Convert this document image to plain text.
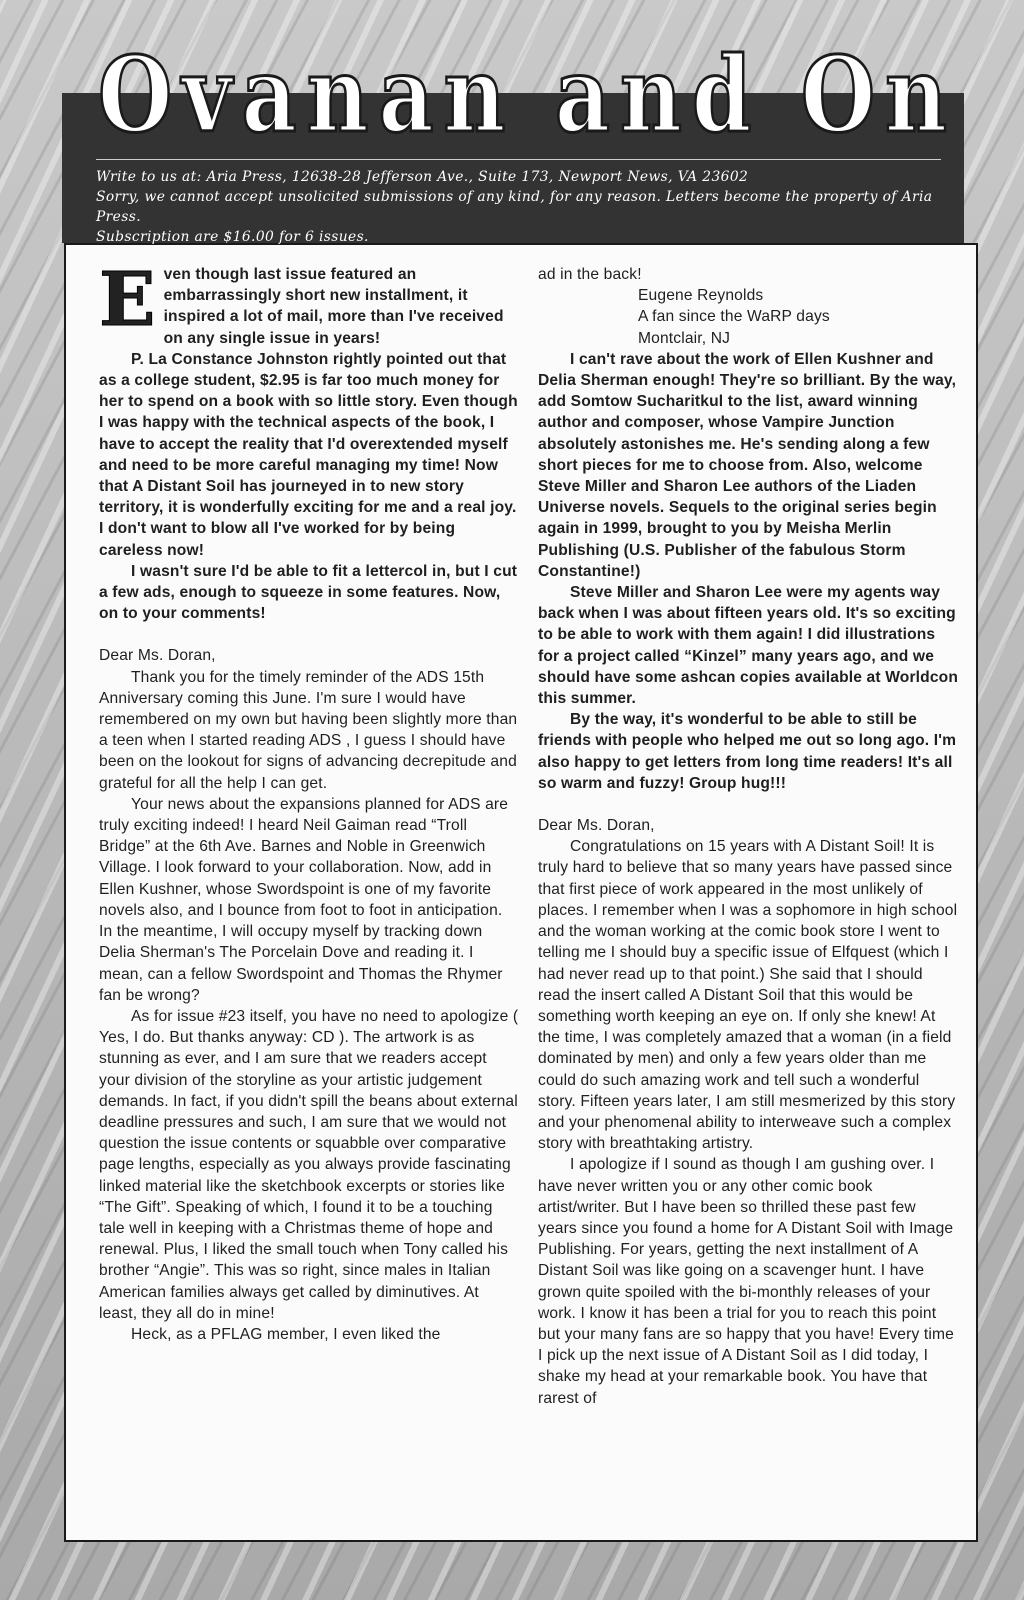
Ovanan and On
Write to us at: Aria Press, 12638-28 Jefferson Ave., Suite 173, Newport News, VA 23602
Sorry, we cannot accept unsolicited submissions of any kind, for any reason. Letters become the property of Aria Press.
Subscription are $16.00 for 6 issues.

Even though last issue featured an embarrassingly short new installment, it inspired a lot of mail, more than I've received on any single issue in years!

P. La Constance Johnston rightly pointed out that as a college student, $2.95 is far too much money for her to spend on a book with so little story. Even though I was happy with the technical aspects of the book, I have to accept the reality that I'd overextended myself and need to be more careful managing my time! Now that A Distant Soil has journeyed in to new story territory, it is wonderfully exciting for me and a real joy. I don't want to blow all I've worked for by being careless now!

I wasn't sure I'd be able to fit a lettercol in, but I cut a few ads, enough to squeeze in some features. Now, on to your comments!

Dear Ms. Doran,

Thank you for the timely reminder of the ADS 15th Anniversary coming this June. I'm sure I would have remembered on my own but having been slightly more than a teen when I started reading ADS , I guess I should have been on the lookout for signs of advancing decrepitude and grateful for all the help I can get.

Your news about the expansions planned for ADS are truly exciting indeed! I heard Neil Gaiman read “Troll Bridge” at the 6th Ave. Barnes and Noble in Greenwich Village. I look forward to your collaboration. Now, add in Ellen Kushner, whose Swordspoint is one of my favorite novels also, and I bounce from foot to foot in anticipation. In the meantime, I will occupy myself by tracking down Delia Sherman's The Porcelain Dove and reading it. I mean, can a fellow Swordspoint and Thomas the Rhymer fan be wrong?

As for issue #23 itself, you have no need to apologize ( Yes, I do. But thanks anyway: CD ). The artwork is as stunning as ever, and I am sure that we readers accept your division of the storyline as your artistic judgement demands. In fact, if you didn't spill the beans about external deadline pressures and such, I am sure that we would not question the issue contents or squabble over comparative page lengths, especially as you always provide fascinating linked material like the sketchbook excerpts or stories like “The Gift”. Speaking of which, I found it to be a touching tale well in keeping with a Christmas theme of hope and renewal. Plus, I liked the small touch when Tony called his brother “Angie”. This was so right, since males in Italian American families always get called by diminutives. At least, they all do in mine!

Heck, as a PFLAG member, I even liked the

ad in the back!

Eugene Reynolds

A fan since the WaRP days

Montclair, NJ

I can't rave about the work of Ellen Kushner and Delia Sherman enough! They're so brilliant. By the way, add Somtow Sucharitkul to the list, award winning author and composer, whose Vampire Junction absolutely astonishes me. He's sending along a few short pieces for me to choose from. Also, welcome Steve Miller and Sharon Lee authors of the Liaden Universe novels. Sequels to the original series begin again in 1999, brought to you by Meisha Merlin Publishing (U.S. Publisher of the fabulous Storm Constantine!)

Steve Miller and Sharon Lee were my agents way back when I was about fifteen years old. It's so exciting to be able to work with them again! I did illustrations for a project called “Kinzel” many years ago, and we should have some ashcan copies available at Worldcon this summer.

By the way, it's wonderful to be able to still be friends with people who helped me out so long ago. I'm also happy to get letters from long time readers! It's all so warm and fuzzy! Group hug!!!

Dear Ms. Doran,

Congratulations on 15 years with A Distant Soil! It is truly hard to believe that so many years have passed since that first piece of work appeared in the most unlikely of places. I remember when I was a sophomore in high school and the woman working at the comic book store I went to telling me I should buy a specific issue of Elfquest (which I had never read up to that point.) She said that I should read the insert called A Distant Soil that this would be something worth keeping an eye on. If only she knew! At the time, I was completely amazed that a woman (in a field dominated by men) and only a few years older than me could do such amazing work and tell such a wonderful story. Fifteen years later, I am still mesmerized by this story and your phenomenal ability to interweave such a complex story with breathtaking artistry.

I apologize if I sound as though I am gushing over. I have never written you or any other comic book artist/writer. But I have been so thrilled these past few years since you found a home for A Distant Soil with Image Publishing. For years, getting the next installment of A Distant Soil was like going on a scavenger hunt. I have grown quite spoiled with the bi-monthly releases of your work. I know it has been a trial for you to reach this point but your many fans are so happy that you have! Every time I pick up the next issue of A Distant Soil as I did today, I shake my head at your remarkable book. You have that rarest of
